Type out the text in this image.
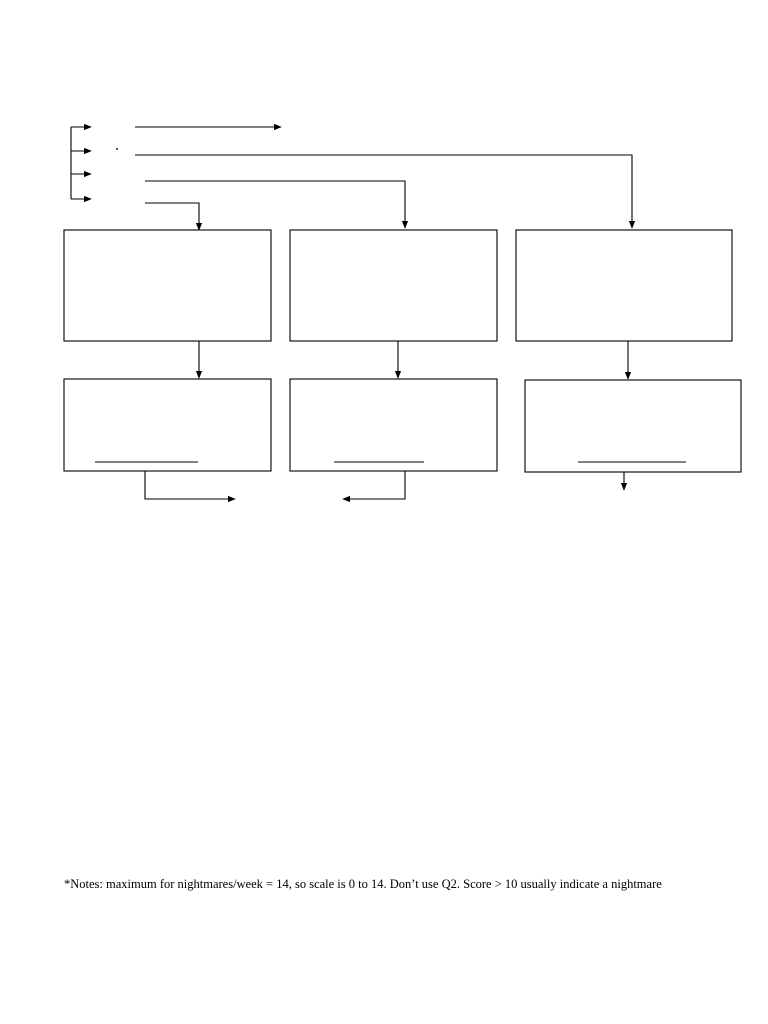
*Notes: maximum for nightmares/week = 14, so scale is 0 to 14. Don’t use Q2. Score > 10 usually indicate a nightmare
